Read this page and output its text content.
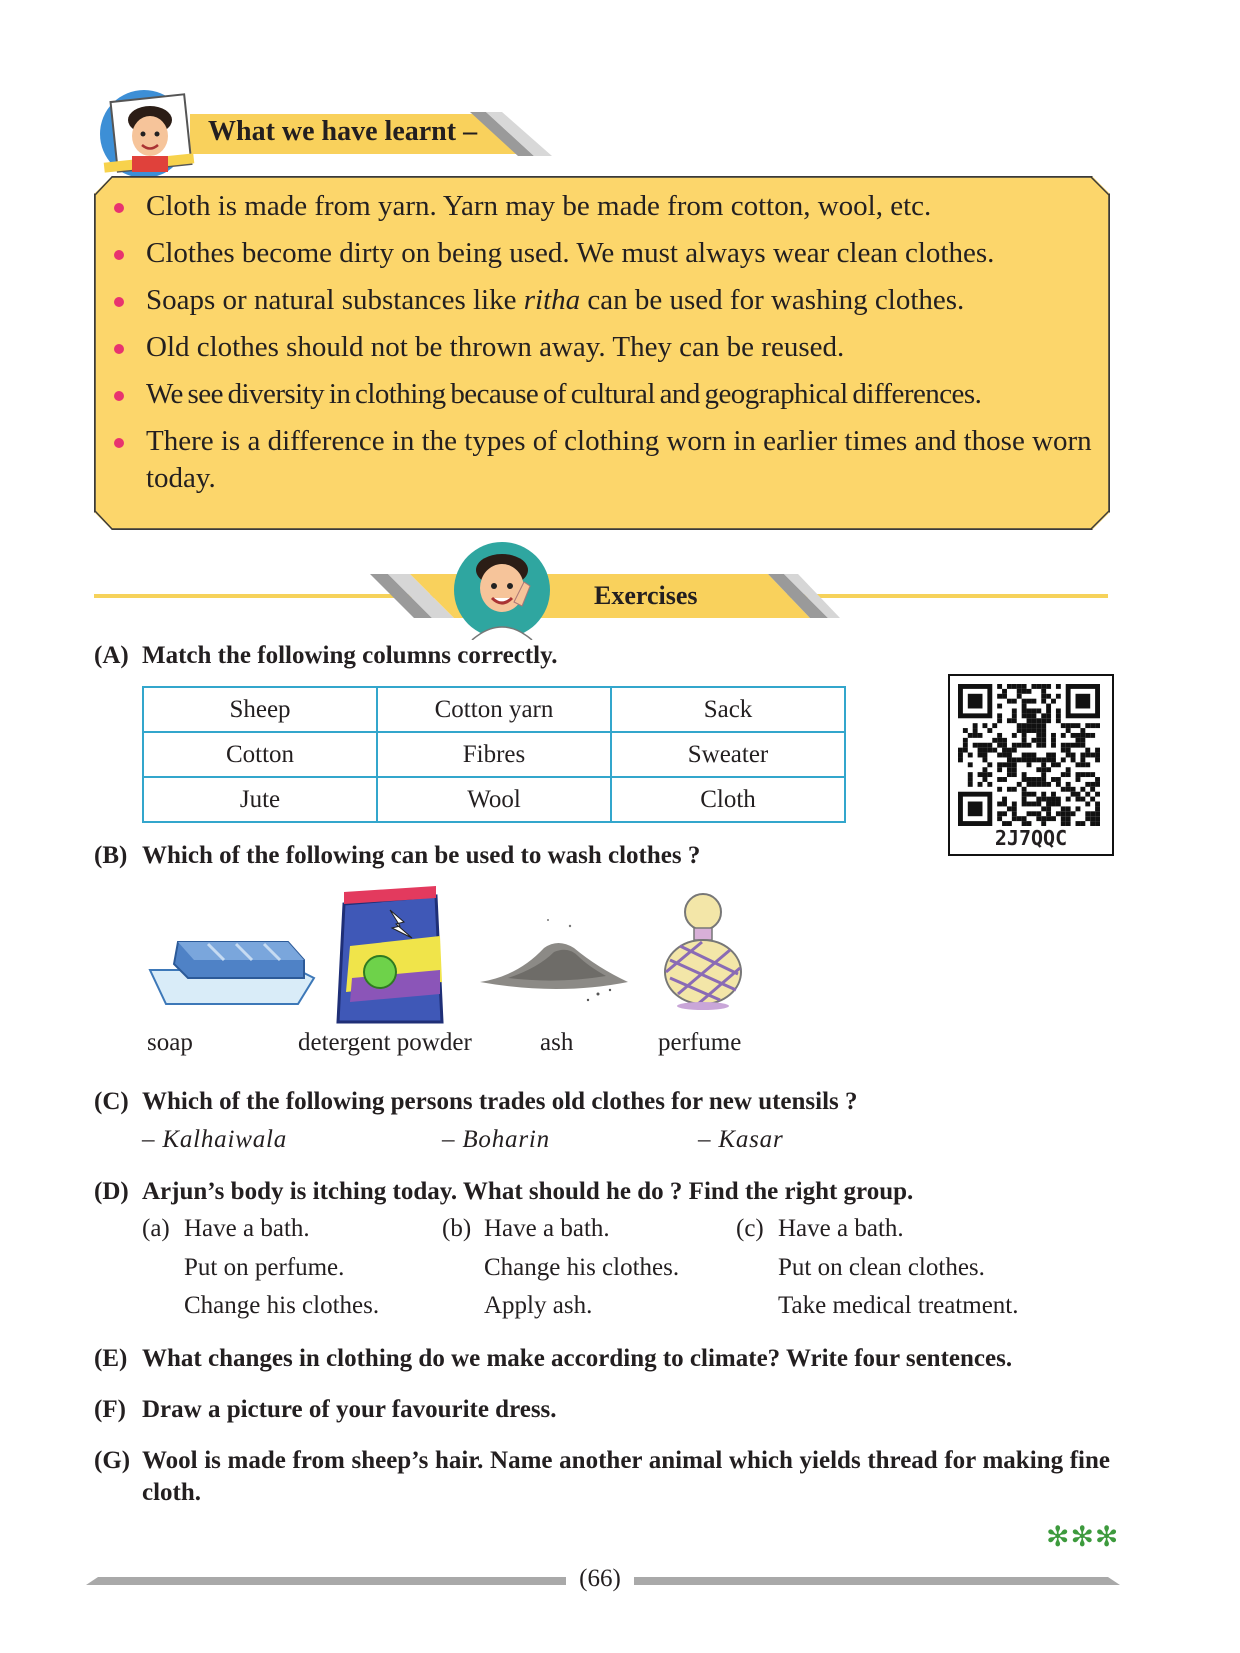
What we have learnt –
Cloth is made from yarn. Yarn may be made from cotton, wool, etc.
Clothes become dirty on being used. We must always wear clean clothes.
Soaps or natural substances like ritha can be used for washing clothes.
Old clothes should not be thrown away. They can be reused.
We see diversity in clothing because of cultural and geographical differences.
There is a difference in the types of clothing worn in earlier times and those worn today.
Exercises
(A) Match the following columns correctly.
Sheep	Cotton yarn	Sack
Cotton	Fibres	Sweater
Jute	Wool	Cloth
2J7QQC
(B) Which of the following can be used to wash clothes ?
soap	detergent powder	ash	perfume
(C) Which of the following persons trades old clothes for new utensils ?
– Kalhaiwala	– Boharin	– Kasar
(D) Arjun’s body is itching today. What should he do ? Find the right group.
(a) Have a bath.
Put on perfume.
Change his clothes.
(b) Have a bath.
Change his clothes.
Apply ash.
(c) Have a bath.
Put on clean clothes.
Take medical treatment.
(E) What changes in clothing do we make according to climate? Write four sentences.
(F) Draw a picture of your favourite dress.
(G) Wool is made from sheep’s hair. Name another animal which yields thread for making fine cloth.
✻✻✻
(66)
